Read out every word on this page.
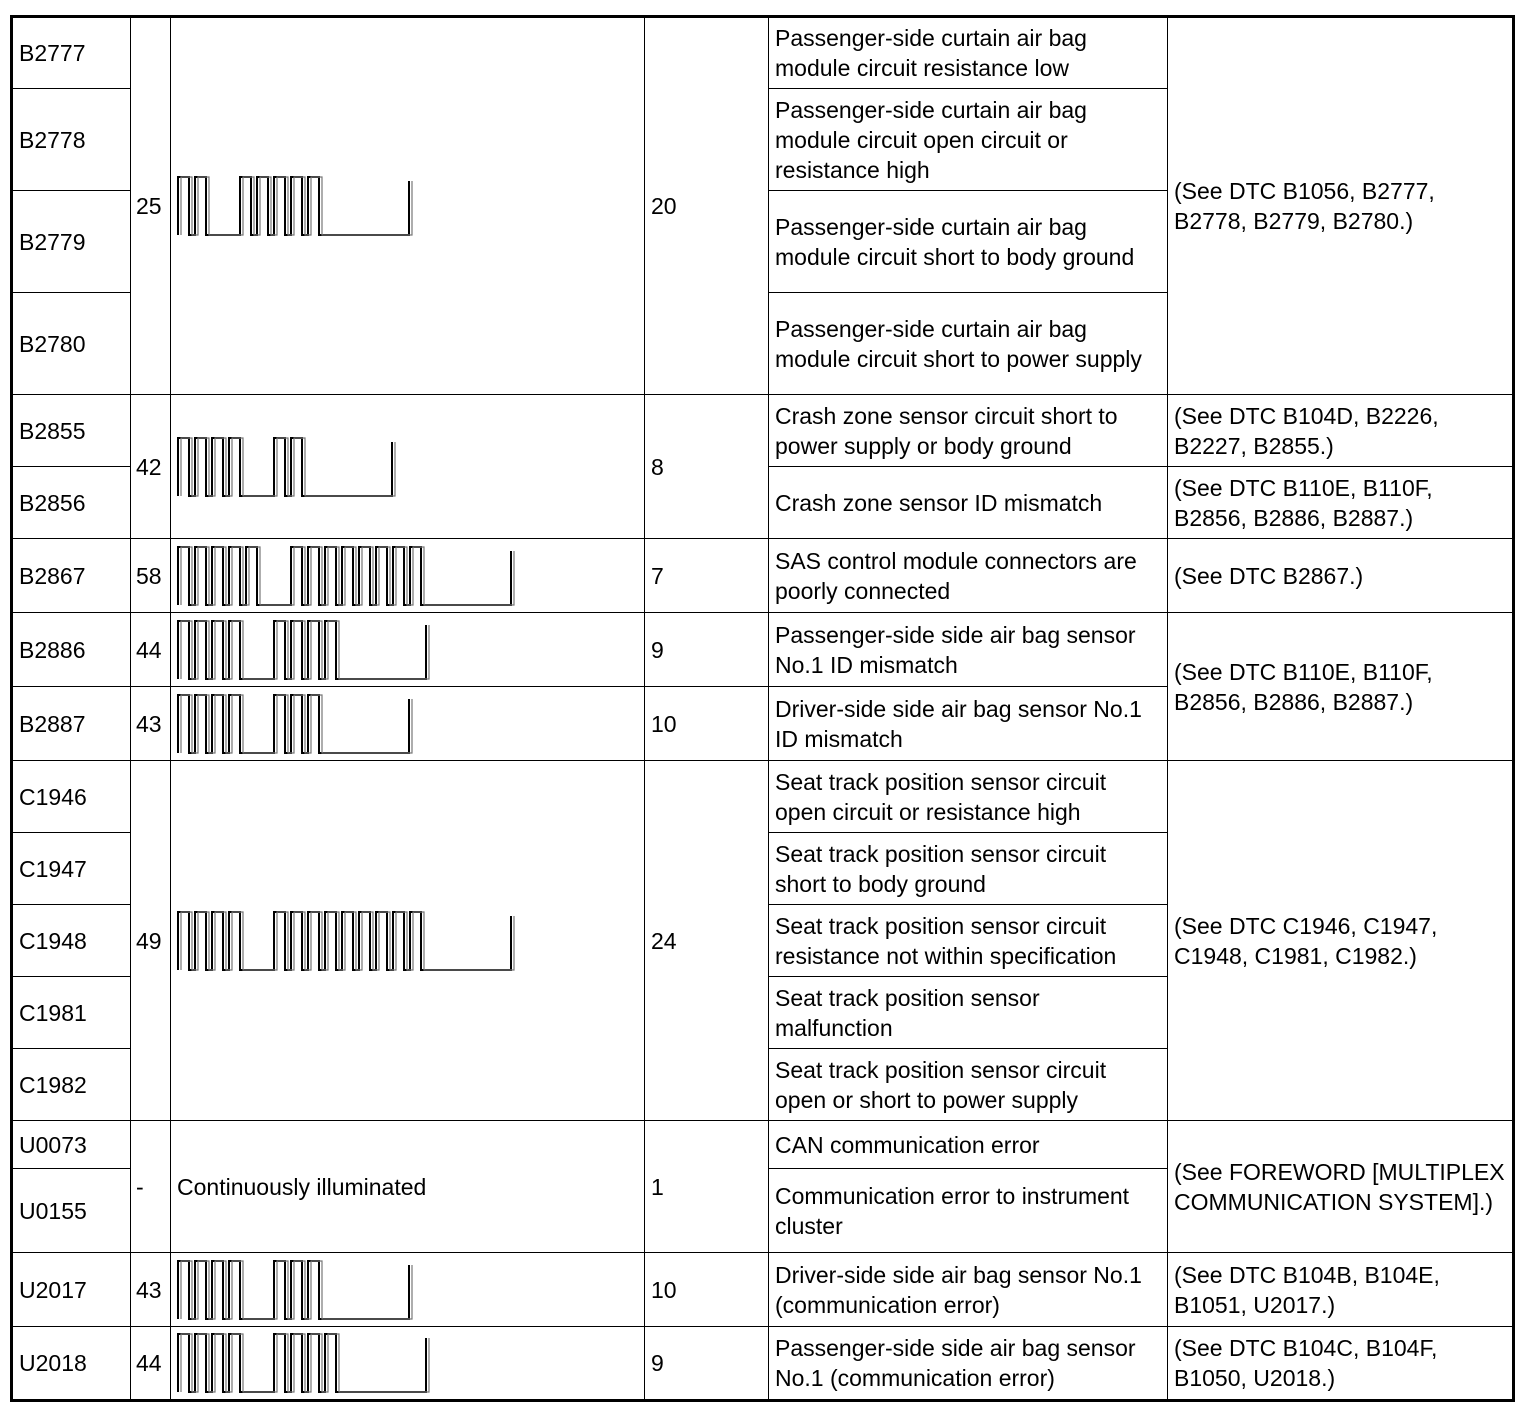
B2777	25		20	Passenger-side curtain air bag module circuit resistance low	(See DTC B1056, B2777, B2778, B2779, B2780.)
B2778				Passenger-side curtain air bag module circuit open circuit or resistance high	
B2779				Passenger-side curtain air bag module circuit short to body ground	
B2780				Passenger-side curtain air bag module circuit short to power supply	
B2855	42		8	Crash zone sensor circuit short to power supply or body ground	(See DTC B104D, B2226, B2227, B2855.)
B2856				Crash zone sensor ID mismatch	(See DTC B110E, B110F, B2856, B2886, B2887.)
B2867	58		7	SAS control module connectors are poorly connected	(See DTC B2867.)
B2886	44		9	Passenger-side side air bag sensor No.1 ID mismatch	(See DTC B110E, B110F, B2856, B2886, B2887.)
B2887	43		10	Driver-side side air bag sensor No.1 ID mismatch	
C1946	49		24	Seat track position sensor circuit open circuit or resistance high	(See DTC C1946, C1947, C1948, C1981, C1982.)
C1947				Seat track position sensor circuit short to body ground	
C1948				Seat track position sensor circuit resistance not within specification	
C1981				Seat track position sensor malfunction	
C1982				Seat track position sensor circuit open or short to power supply	
U0073	-	Continuously illuminated	1	CAN communication error	(See FOREWORD [MULTIPLEX COMMUNICATION SYSTEM].)
U0155				Communication error to instrument cluster	
U2017	43		10	Driver-side side air bag sensor No.1 (communication error)	(See DTC B104B, B104E, B1051, U2017.)
U2018	44		9	Passenger-side side air bag sensor No.1 (communication error)	(See DTC B104C, B104F, B1050, U2018.)
